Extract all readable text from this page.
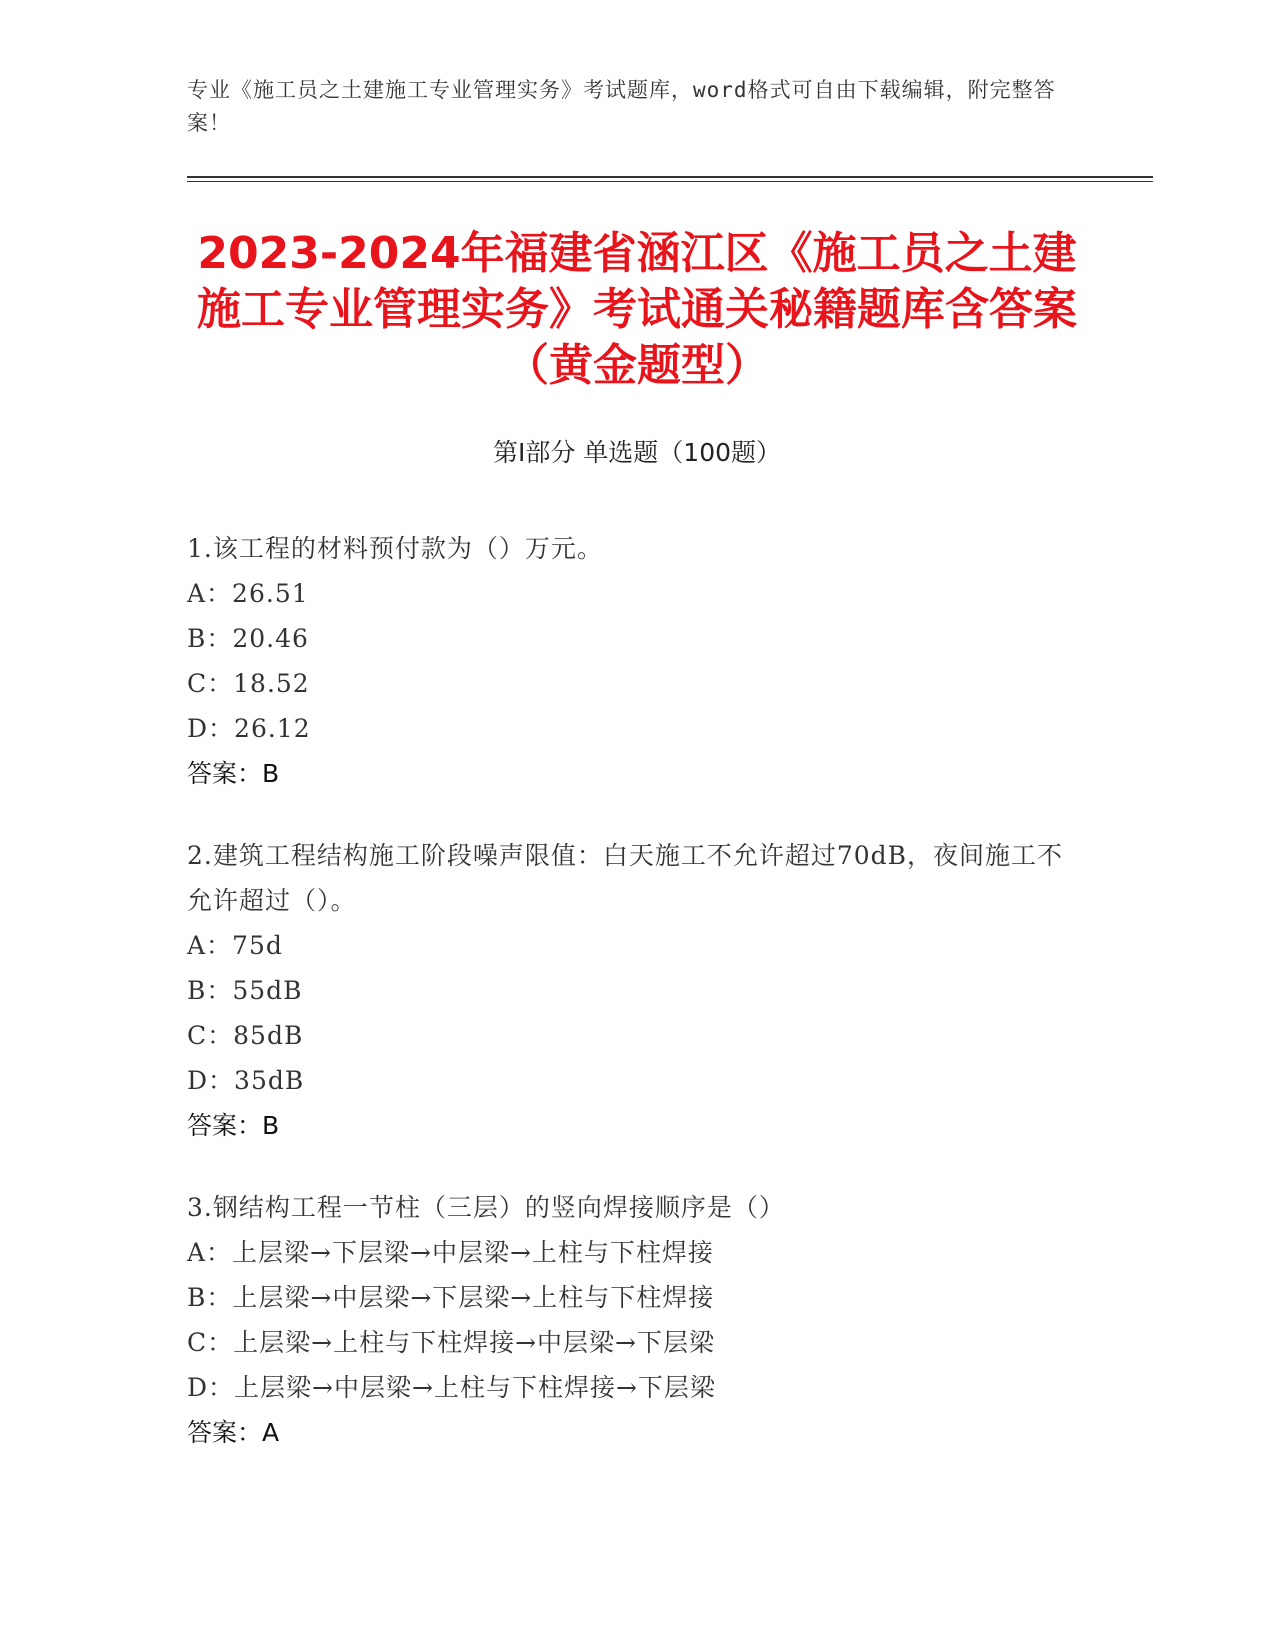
专业《施工员之土建施工专业管理实务》考试题库，word格式可自由下载编辑，附完整答案！
2023-2024年福建省涵江区《施工员之土建施工专业管理实务》考试通关秘籍题库含答案（黄金题型）
第Ⅰ部分 单选题（100题）

1.该工程的材料预付款为（）万元。

A：26.51

B：20.46

C：18.52

D：26.12

答案：B

2.建筑工程结构施工阶段噪声限值：白天施工不允许超过70dB，夜间施工不允许超过（）。

A：75d

B：55dB

C：85dB

D：35dB

答案：B

3.钢结构工程一节柱（三层）的竖向焊接顺序是（）

A：上层梁→下层梁→中层梁→上柱与下柱焊接

B：上层梁→中层梁→下层梁→上柱与下柱焊接

C：上层梁→上柱与下柱焊接→中层梁→下层梁

D：上层梁→中层梁→上柱与下柱焊接→下层梁

答案：A
